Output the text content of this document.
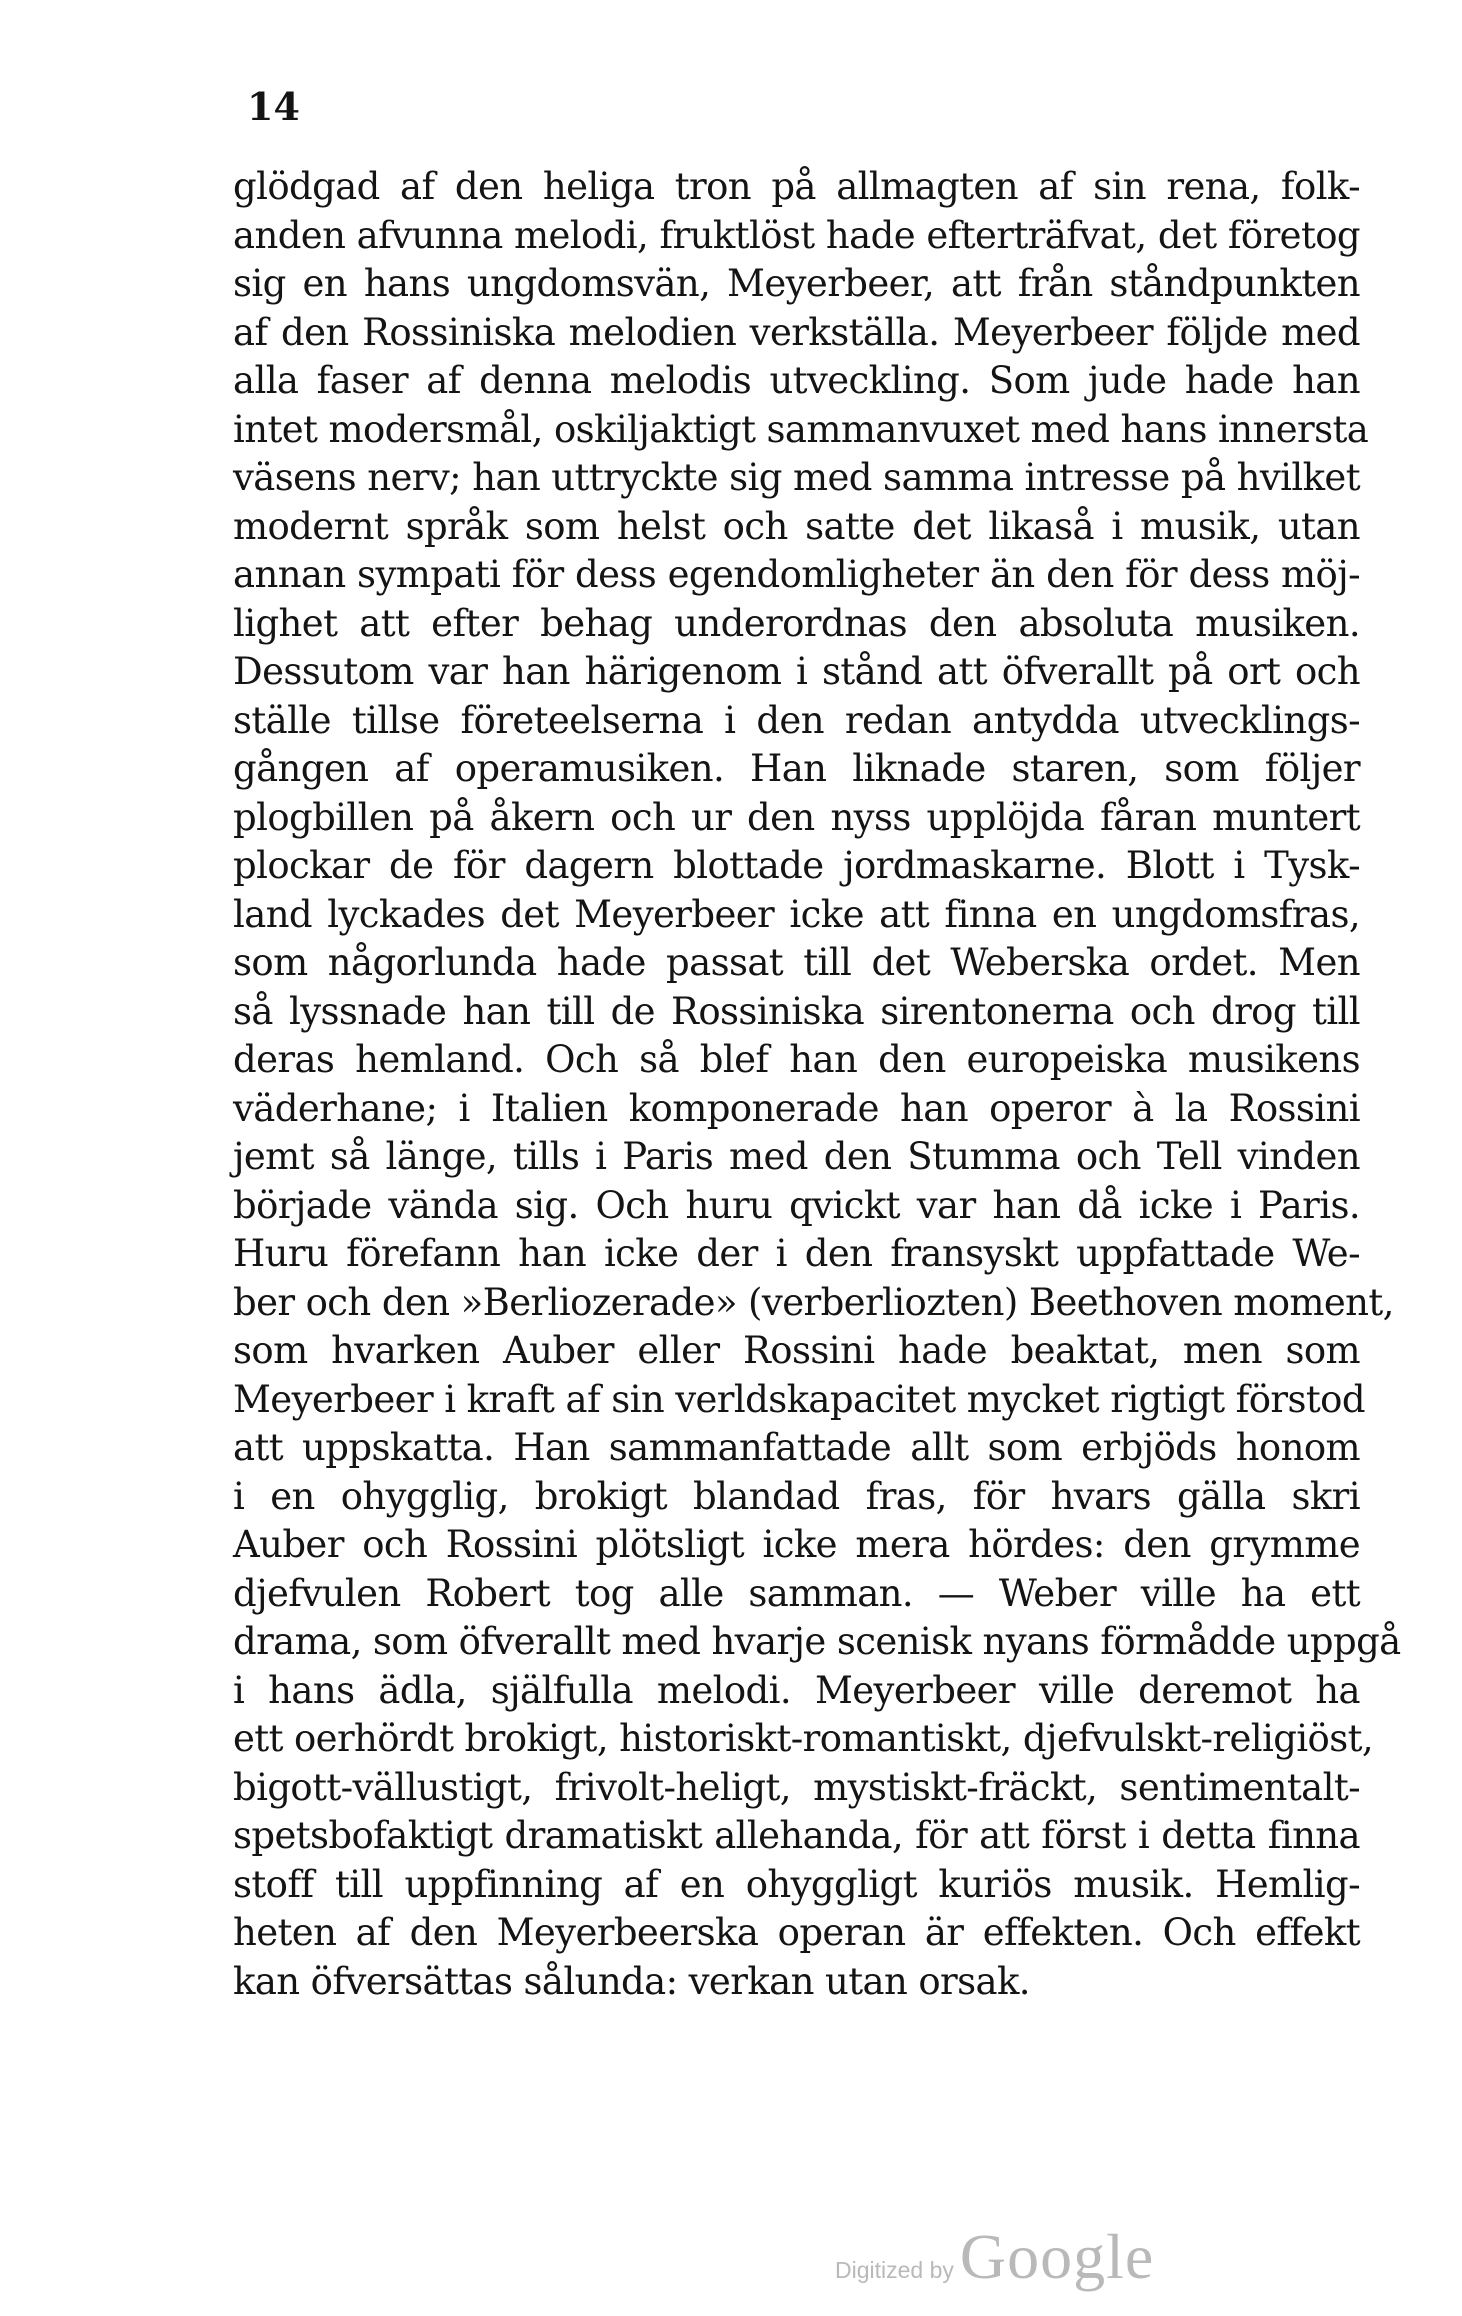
14
glödgad af den heliga tron på allmagten af sin rena, folk-
anden afvunna melodi, fruktlöst hade efterträfvat, det företog
sig en hans ungdomsvän, Meyerbeer, att från ståndpunkten
af den Rossiniska melodien verkställa. Meyerbeer följde med
alla faser af denna melodis utveckling. Som jude hade han
intet modersmål, oskiljaktigt sammanvuxet med hans innersta
väsens nerv; han uttryckte sig med samma intresse på hvilket
modernt språk som helst och satte det likaså i musik, utan
annan sympati för dess egendomligheter än den för dess möj-
lighet att efter behag underordnas den absoluta musiken.
Dessutom var han härigenom i stånd att öfverallt på ort och
ställe tillse företeelserna i den redan antydda utvecklings-
gången af operamusiken. Han liknade staren, som följer
plogbillen på åkern och ur den nyss upplöjda fåran muntert
plockar de för dagern blottade jordmaskarne. Blott i Tysk-
land lyckades det Meyerbeer icke att finna en ungdomsfras,
som någorlunda hade passat till det Weberska ordet. Men
så lyssnade han till de Rossiniska sirentonerna och drog till
deras hemland. Och så blef han den europeiska musikens
väderhane; i Italien komponerade han operor à la Rossini
jemt så länge, tills i Paris med den Stumma och Tell vinden
började vända sig. Och huru qvickt var han då icke i Paris.
Huru förefann han icke der i den fransyskt uppfattade We-
ber och den »Berliozerade» (verberliozten) Beethoven moment,
som hvarken Auber eller Rossini hade beaktat, men som
Meyerbeer i kraft af sin verldskapacitet mycket rigtigt förstod
att uppskatta. Han sammanfattade allt som erbjöds honom
i en ohygglig, brokigt blandad fras, för hvars gälla skri
Auber och Rossini plötsligt icke mera hördes: den grymme
djefvulen Robert tog alle samman. — Weber ville ha ett
drama, som öfverallt med hvarje scenisk nyans förmådde uppgå
i hans ädla, själfulla melodi. Meyerbeer ville deremot ha
ett oerhördt brokigt, historiskt-romantiskt, djefvulskt-religiöst,
bigott-vällustigt, frivolt-heligt, mystiskt-fräckt, sentimentalt-
spetsbofaktigt dramatiskt allehanda, för att först i detta finna
stoff till uppfinning af en ohyggligt kuriös musik. Hemlig-
heten af den Meyerbeerska operan är effekten. Och effekt
kan öfversättas sålunda: verkan utan orsak.
Digitized by Google
